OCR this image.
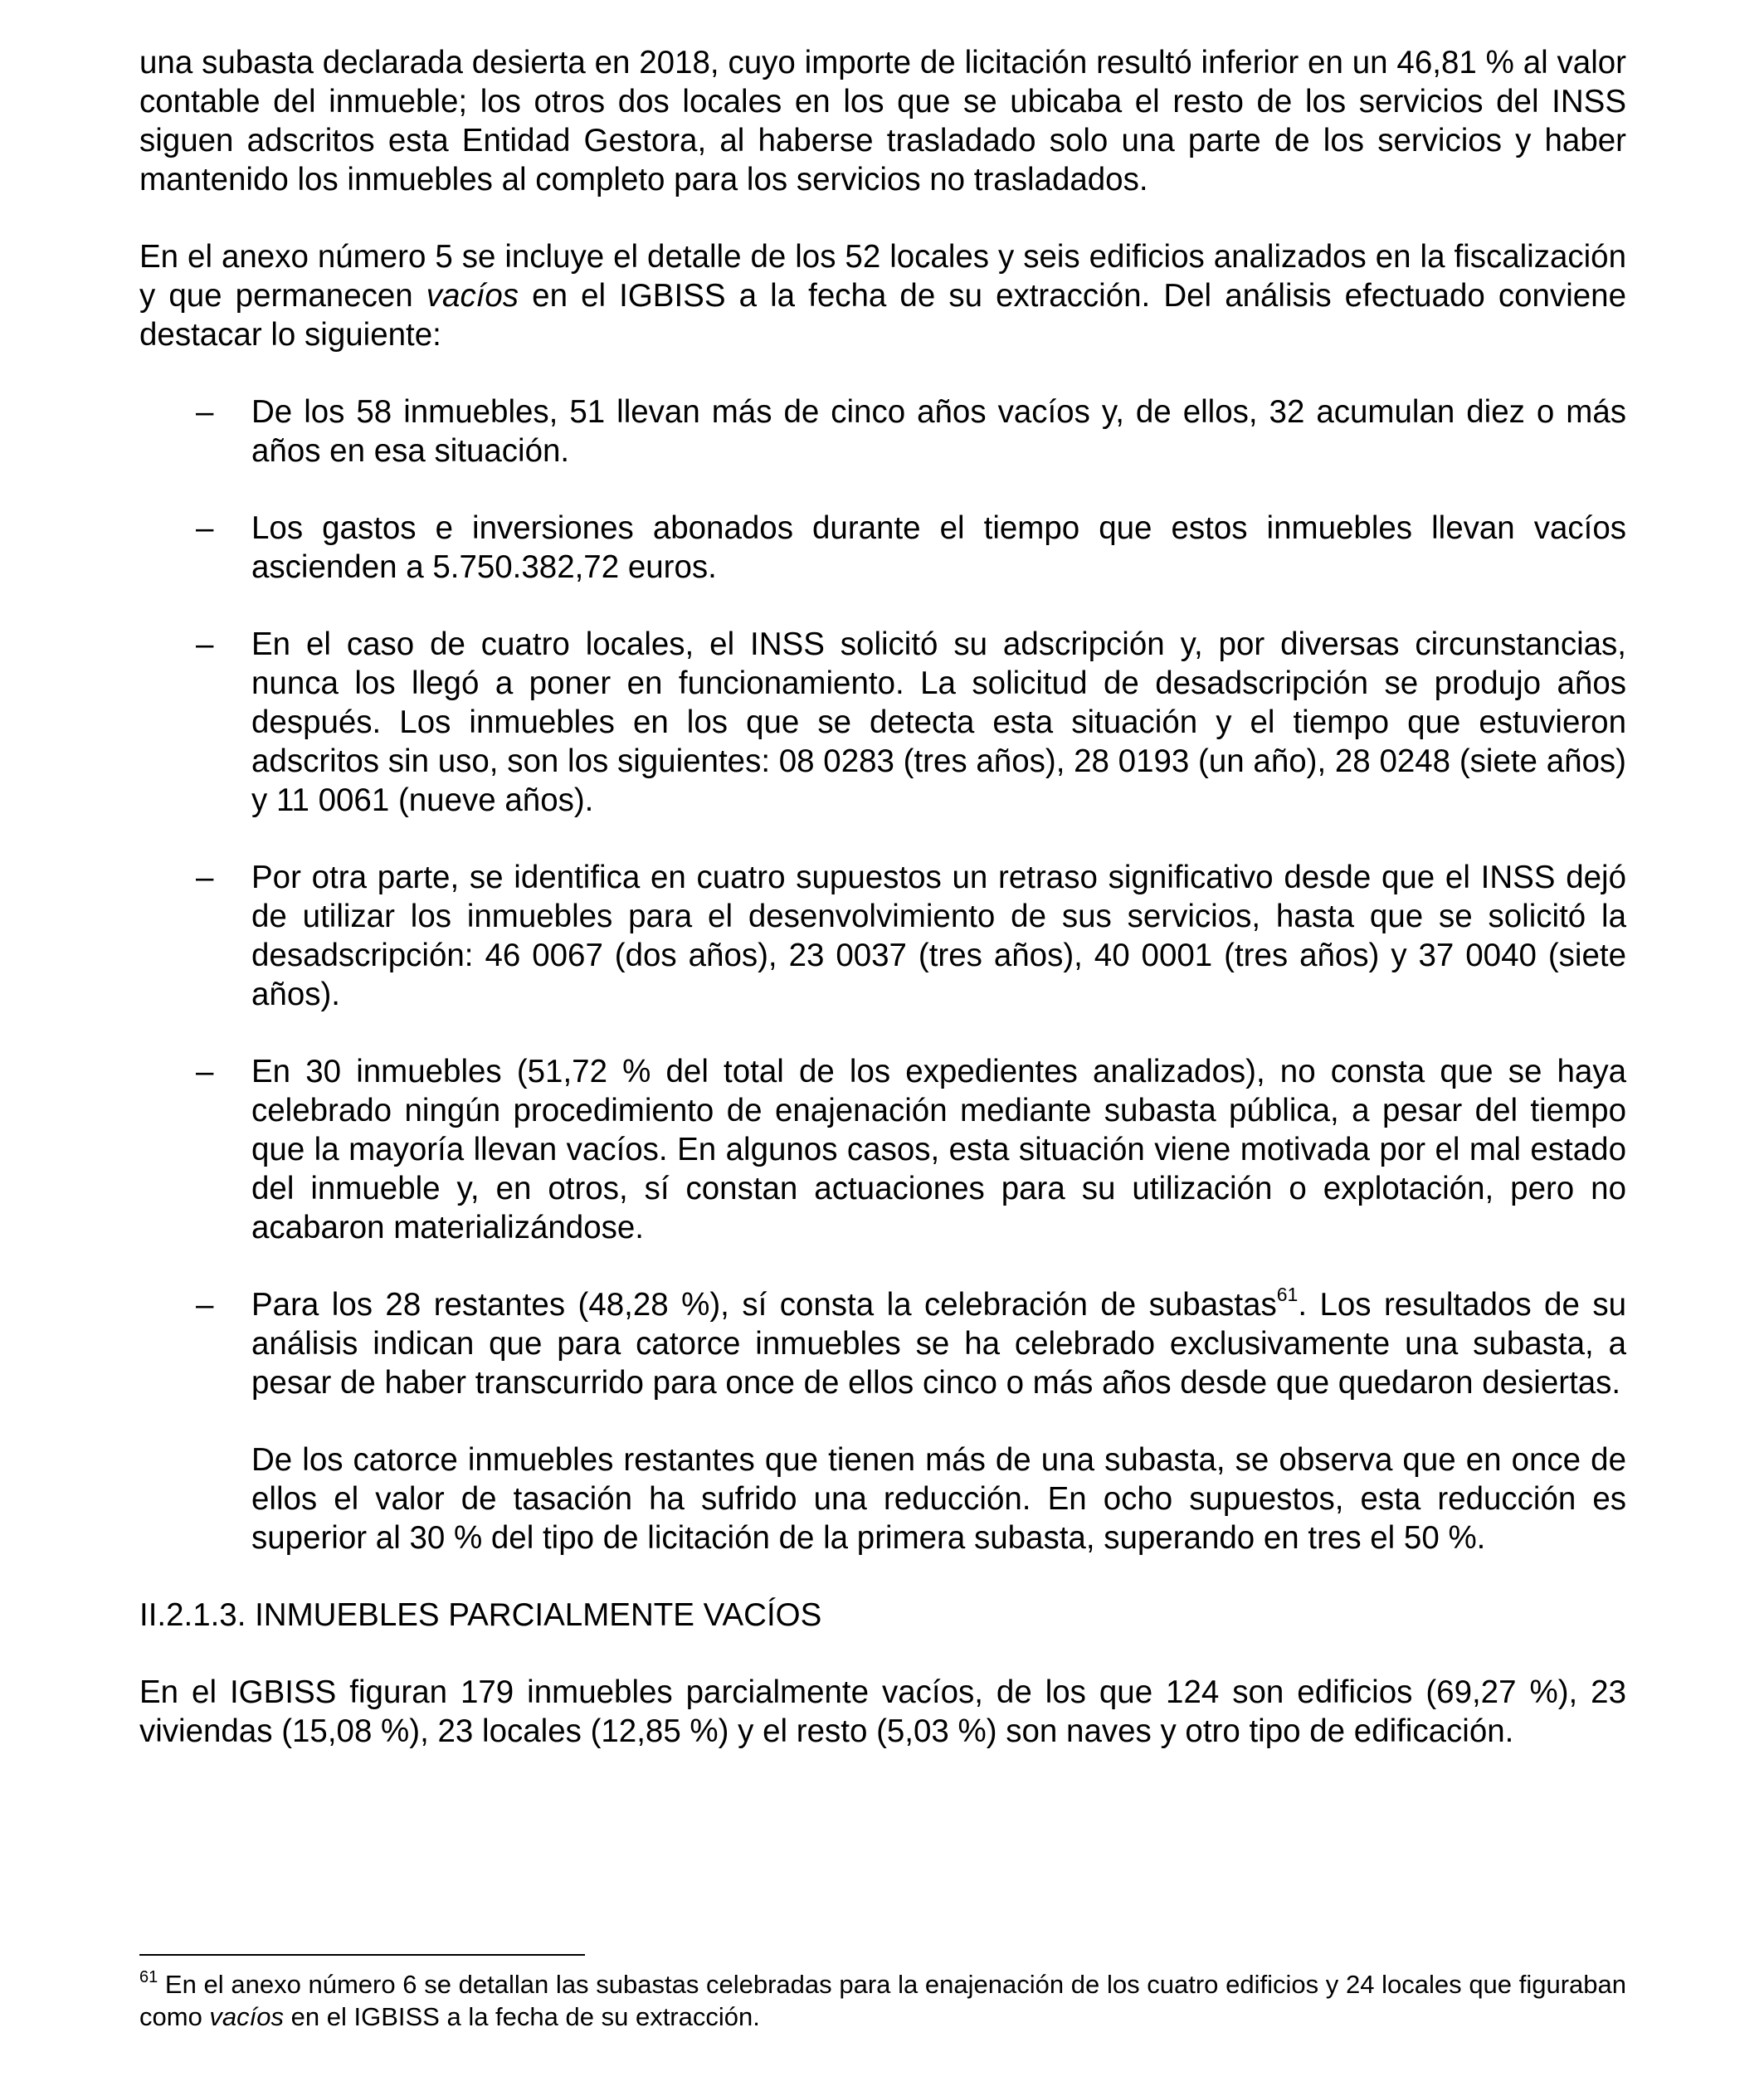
una subasta declarada desierta en 2018, cuyo importe de licitación resultó inferior en un 46,81 % al valor contable del inmueble; los otros dos locales en los que se ubicaba el resto de los servicios del INSS siguen adscritos esta Entidad Gestora, al haberse trasladado solo una parte de los servicios y haber mantenido los inmuebles al completo para los servicios no trasladados.

En el anexo número 5 se incluye el detalle de los 52 locales y seis edificios analizados en la fiscalización y que permanecen vacíos en el IGBISS a la fecha de su extracción. Del análisis efectuado conviene destacar lo siguiente:

– De los 58 inmuebles, 51 llevan más de cinco años vacíos y, de ellos, 32 acumulan diez o más años en esa situación.

– Los gastos e inversiones abonados durante el tiempo que estos inmuebles llevan vacíos ascienden a 5.750.382,72 euros.

– En el caso de cuatro locales, el INSS solicitó su adscripción y, por diversas circunstancias, nunca los llegó a poner en funcionamiento. La solicitud de desadscripción se produjo años después. Los inmuebles en los que se detecta esta situación y el tiempo que estuvieron adscritos sin uso, son los siguientes: 08 0283 (tres años), 28 0193 (un año), 28 0248 (siete años) y 11 0061 (nueve años).

– Por otra parte, se identifica en cuatro supuestos un retraso significativo desde que el INSS dejó de utilizar los inmuebles para el desenvolvimiento de sus servicios, hasta que se solicitó la desadscripción: 46 0067 (dos años), 23 0037 (tres años), 40 0001 (tres años) y 37 0040 (siete años).

– En 30 inmuebles (51,72 % del total de los expedientes analizados), no consta que se haya celebrado ningún procedimiento de enajenación mediante subasta pública, a pesar del tiempo que la mayoría llevan vacíos. En algunos casos, esta situación viene motivada por el mal estado del inmueble y, en otros, sí constan actuaciones para su utilización o explotación, pero no acabaron materializándose.

– Para los 28 restantes (48,28 %), sí consta la celebración de subastas$^{61}$. Los resultados de su análisis indican que para catorce inmuebles se ha celebrado exclusivamente una subasta, a pesar de haber transcurrido para once de ellos cinco o más años desde que quedaron desiertas.

De los catorce inmuebles restantes que tienen más de una subasta, se observa que en once de ellos el valor de tasación ha sufrido una reducción. En ocho supuestos, esta reducción es superior al 30 % del tipo de licitación de la primera subasta, superando en tres el 50 %.

II.2.1.3. INMUEBLES PARCIALMENTE VACÍOS

En el IGBISS figuran 179 inmuebles parcialmente vacíos, de los que 124 son edificios (69,27 %), 23 viviendas (15,08 %), 23 locales (12,85 %) y el resto (5,03 %) son naves y otro tipo de edificación.

$^{61}$ En el anexo número 6 se detallan las subastas celebradas para la enajenación de los cuatro edificios y 24 locales que figuraban como vacíos en el IGBISS a la fecha de su extracción.
